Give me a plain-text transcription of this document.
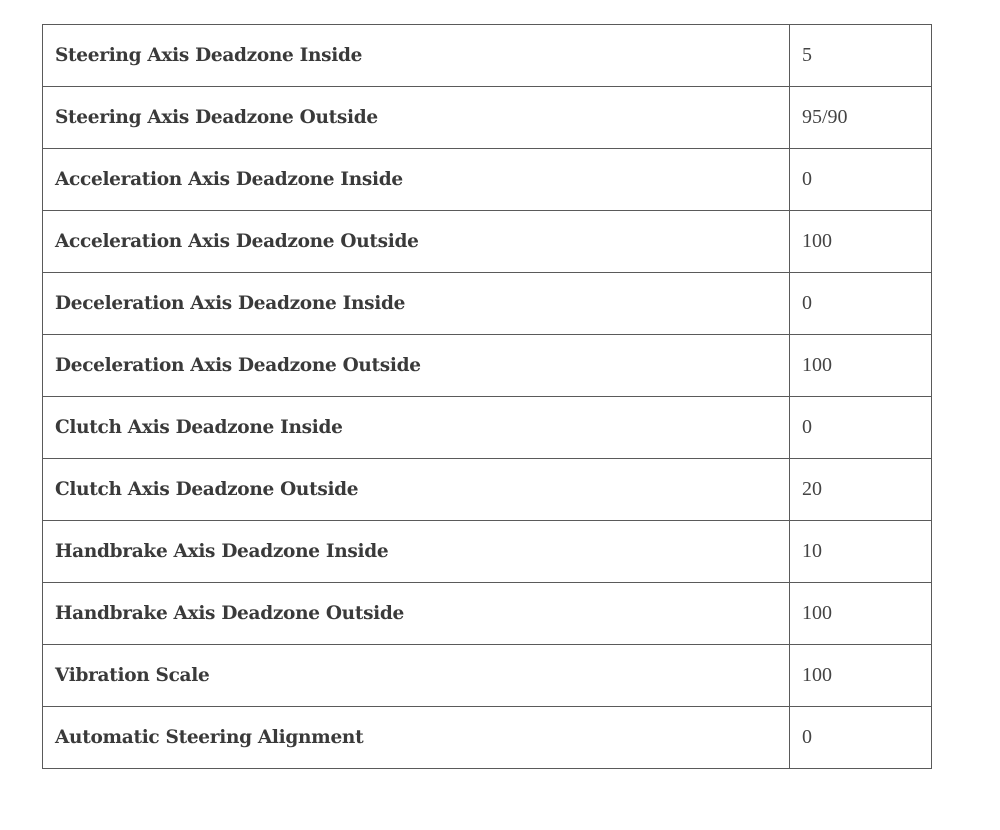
Steering Axis Deadzone Inside	5
Steering Axis Deadzone Outside	95/90
Acceleration Axis Deadzone Inside	0
Acceleration Axis Deadzone Outside	100
Deceleration Axis Deadzone Inside	0
Deceleration Axis Deadzone Outside	100
Clutch Axis Deadzone Inside	0
Clutch Axis Deadzone Outside	20
Handbrake Axis Deadzone Inside	10
Handbrake Axis Deadzone Outside	100
Vibration Scale	100
Automatic Steering Alignment	0
